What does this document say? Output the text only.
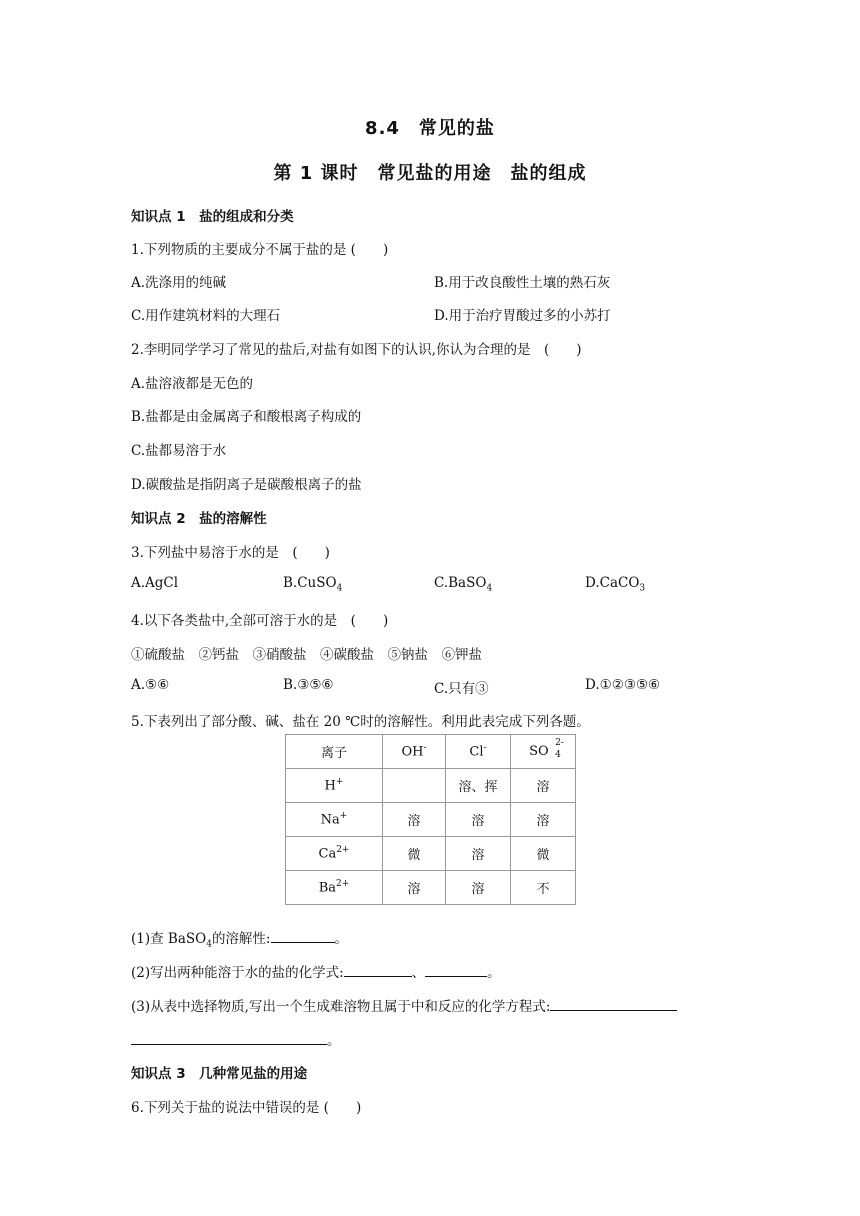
8.4　常见的盐
第 1 课时　常见盐的用途　盐的组成
知识点 1　盐的组成和分类
1.下列物质的主要成分不属于盐的是 (　　)
A.洗涤用的纯碱	B.用于改良酸性土壤的熟石灰
C.用作建筑材料的大理石	D.用于治疗胃酸过多的小苏打
2.李明同学学习了常见的盐后,对盐有如图下的认识,你认为合理的是　(　　)
A.盐溶液都是无色的
B.盐都是由金属离子和酸根离子构成的
C.盐都易溶于水
D.碳酸盐是指阴离子是碳酸根离子的盐
知识点 2　盐的溶解性
3.下列盐中易溶于水的是　(　　)
A.AgCl	B.CuSO$_4$	C.BaSO$_4$	D.CaCO$_3$
4.以下各类盐中,全部可溶于水的是　(　　)
①硫酸盐　②钙盐　③硝酸盐　④碳酸盐　⑤钠盐　⑥钾盐
A.⑤⑥	B.③⑤⑥	C.只有③	D.①②③⑤⑥
5.下表列出了部分酸、碱、盐在 20 ℃时的溶解性。利用此表完成下列各题。
离子	OH-	Cl-	SO
2-
4

H+		溶、挥	溶
Na+	溶	溶	溶
$Ca^{2+}$	微	溶	微
$Ba^{2+}$	溶	溶	不
(1)查 BaSO$_4$的溶解性:	。
(2)写出两种能溶于水的盐的化学式:	、	。
(3)从表中选择物质,写出一个生成难溶物且属于中和反应的化学方程式:
。
知识点 3　几种常见盐的用途
6.下列关于盐的说法中错误的是 (　　)
